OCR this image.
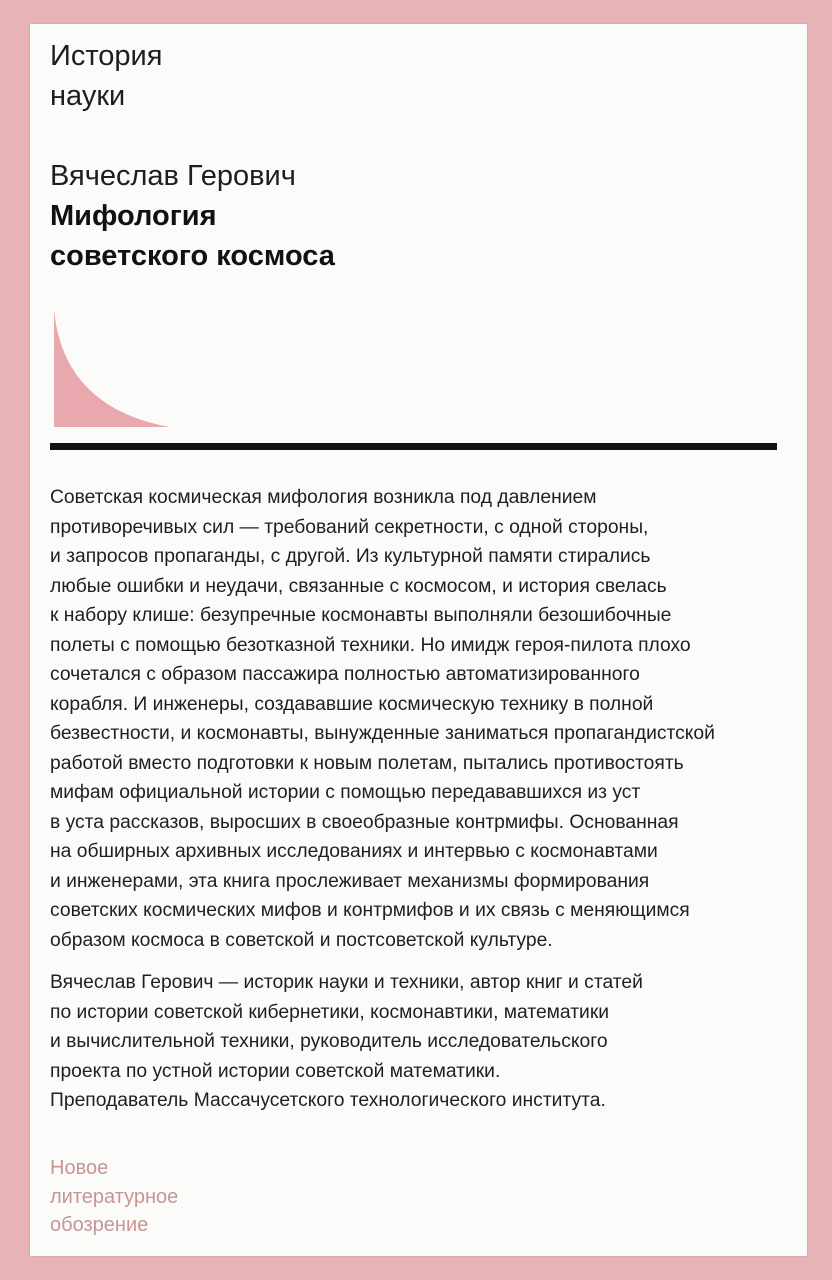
История
науки
Вячеслав Герович
Мифология
советского космоса

Советская космическая мифология возникла под давлением
противоречивых сил — требований секретности, с одной стороны,
и запросов пропаганды, с другой. Из культурной памяти стирались
любые ошибки и неудачи, связанные с космосом, и история свелась
к набору клише: безупречные космонавты выполняли безошибочные
полеты с помощью безотказной техники. Но имидж героя-пилота плохо
сочетался с образом пассажира полностью автоматизированного
корабля. И инженеры, создававшие космическую технику в полной
безвестности, и космонавты, вынужденные заниматься пропагандистской
работой вместо подготовки к новым полетам, пытались противостоять
мифам официальной истории с помощью передававшихся из уст
в уста рассказов, выросших в своеобразные контрмифы. Основанная
на обширных архивных исследованиях и интервью с космонавтами
и инженерами, эта книга прослеживает механизмы формирования
советских космических мифов и контрмифов и их связь с меняющимся
образом космоса в советской и постсоветской культуре.

Вячеслав Герович — историк науки и техники, автор книг и статей
по истории советской кибернетики, космонавтики, математики
и вычислительной техники, руководитель исследовательского
проекта по устной истории советской математики.
Преподаватель Массачусетского технологического института.

Новое
литературное
обозрение
